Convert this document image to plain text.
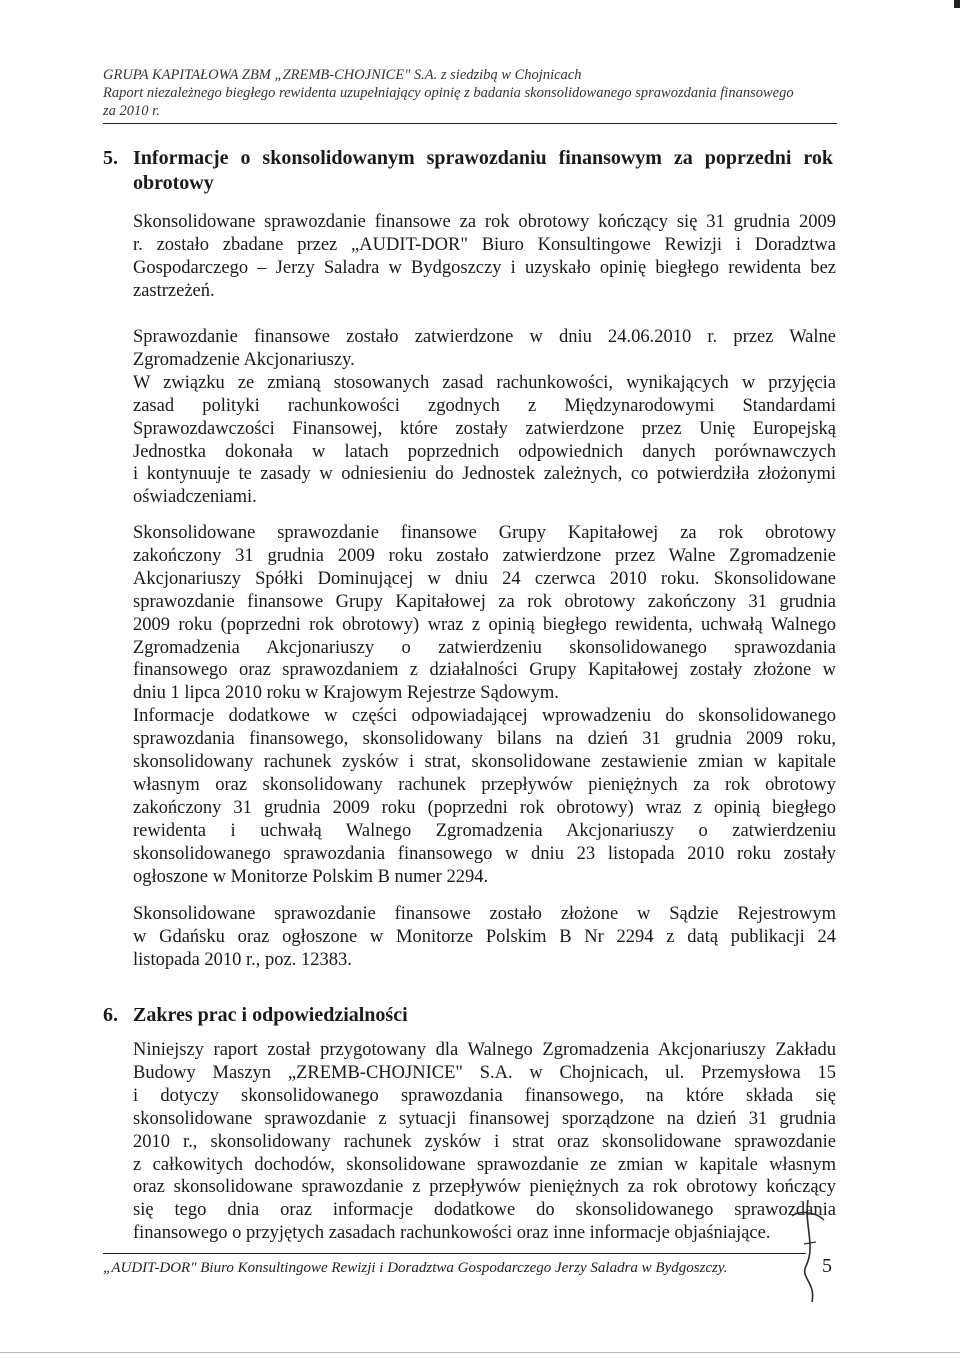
GRUPA KAPITAŁOWA ZBM „ZREMB-CHOJNICE" S.A. z siedzibą w Chojnicach
Raport niezależnego biegłego rewidenta uzupełniający opinię z badania skonsolidowanego sprawozdania finansowego
za 2010 r.
5. Informacje o skonsolidowanym sprawozdaniu finansowym za poprzedni rok
obrotowy
Skonsolidowane sprawozdanie finansowe za rok obrotowy kończący się 31 grudnia 2009
r. zostało zbadane przez „AUDIT-DOR" Biuro Konsultingowe Rewizji i Doradztwa
Gospodarczego – Jerzy Saladra w Bydgoszczy i uzyskało opinię biegłego rewidenta bez
zastrzeżeń.
Sprawozdanie finansowe zostało zatwierdzone w dniu 24.06.2010 r. przez Walne
Zgromadzenie Akcjonariuszy.
W związku ze zmianą stosowanych zasad rachunkowości, wynikających w przyjęcia
zasad polityki rachunkowości zgodnych z Międzynarodowymi Standardami
Sprawozdawczości Finansowej, które zostały zatwierdzone przez Unię Europejską
Jednostka dokonała w latach poprzednich odpowiednich danych porównawczych
i kontynuuje te zasady w odniesieniu do Jednostek zależnych, co potwierdziła złożonymi
oświadczeniami.
Skonsolidowane sprawozdanie finansowe Grupy Kapitałowej za rok obrotowy
zakończony 31 grudnia 2009 roku zostało zatwierdzone przez Walne Zgromadzenie
Akcjonariuszy Spółki Dominującej w dniu 24 czerwca 2010 roku. Skonsolidowane
sprawozdanie finansowe Grupy Kapitałowej za rok obrotowy zakończony 31 grudnia
2009 roku (poprzedni rok obrotowy) wraz z opinią biegłego rewidenta, uchwałą Walnego
Zgromadzenia Akcjonariuszy o zatwierdzeniu skonsolidowanego sprawozdania
finansowego oraz sprawozdaniem z działalności Grupy Kapitałowej zostały złożone w
dniu 1 lipca 2010 roku w Krajowym Rejestrze Sądowym.
Informacje dodatkowe w części odpowiadającej wprowadzeniu do skonsolidowanego
sprawozdania finansowego, skonsolidowany bilans na dzień 31 grudnia 2009 roku,
skonsolidowany rachunek zysków i strat, skonsolidowane zestawienie zmian w kapitale
własnym oraz skonsolidowany rachunek przepływów pieniężnych za rok obrotowy
zakończony 31 grudnia 2009 roku (poprzedni rok obrotowy) wraz z opinią biegłego
rewidenta i uchwałą Walnego Zgromadzenia Akcjonariuszy o zatwierdzeniu
skonsolidowanego sprawozdania finansowego w dniu 23 listopada 2010 roku zostały
ogłoszone w Monitorze Polskim B numer 2294.
Skonsolidowane sprawozdanie finansowe zostało złożone w Sądzie Rejestrowym
w Gdańsku oraz ogłoszone w Monitorze Polskim B Nr 2294 z datą publikacji 24
listopada 2010 r., poz. 12383.
6. Zakres prac i odpowiedzialności
Niniejszy raport został przygotowany dla Walnego Zgromadzenia Akcjonariuszy Zakładu
Budowy Maszyn „ZREMB-CHOJNICE" S.A. w Chojnicach, ul. Przemysłowa 15
i dotyczy skonsolidowanego sprawozdania finansowego, na które składa się
skonsolidowane sprawozdanie z sytuacji finansowej sporządzone na dzień 31 grudnia
2010 r., skonsolidowany rachunek zysków i strat oraz skonsolidowane sprawozdanie
z całkowitych dochodów, skonsolidowane sprawozdanie ze zmian w kapitale własnym
oraz skonsolidowane sprawozdanie z przepływów pieniężnych za rok obrotowy kończący
się tego dnia oraz informacje dodatkowe do skonsolidowanego sprawozdania
finansowego o przyjętych zasadach rachunkowości oraz inne informacje objaśniające.
„AUDIT-DOR" Biuro Konsultingowe Rewizji i Doradztwa Gospodarczego Jerzy Saladra w Bydgoszczy.	5
